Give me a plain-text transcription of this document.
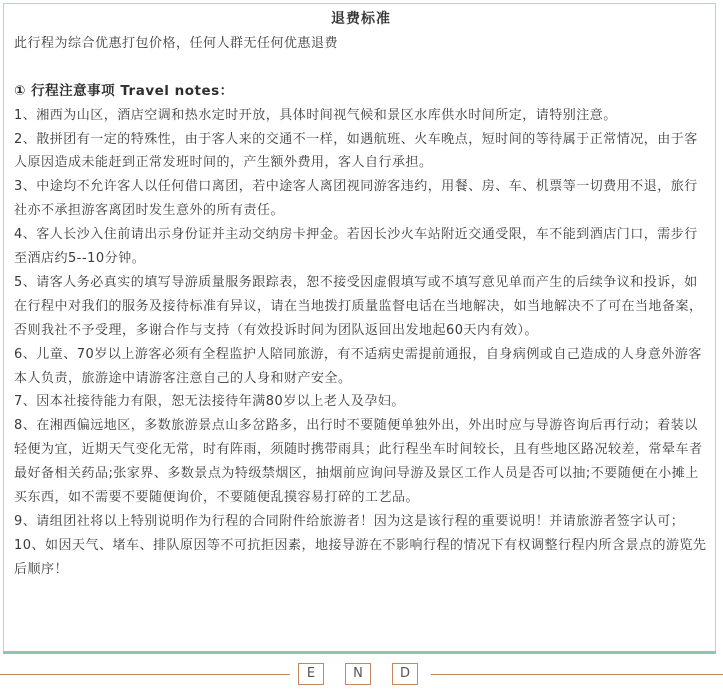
退费标准

此行程为综合优惠打包价格，任何人群无任何优惠退费

① 行程注意事项 Travel notes：

1、湘西为山区，酒店空调和热水定时开放，具体时间视气候和景区水库供水时间所定，请特别注意。

2、散拼团有一定的特殊性，由于客人来的交通不一样，如遇航班、火车晚点，短时间的等待属于正常情况，由于客人原因造成未能赶到正常发班时间的，产生额外费用，客人自行承担。

3、中途均不允许客人以任何借口离团，若中途客人离团视同游客违约，用餐、房、车、机票等一切费用不退，旅行社亦不承担游客离团时发生意外的所有责任。

4、客人长沙入住前请出示身份证并主动交纳房卡押金。若因长沙火车站附近交通受限，车不能到酒店门口，需步行至酒店约5--10分钟。

5、请客人务必真实的填写导游质量服务跟踪表，恕不接受因虚假填写或不填写意见单而产生的后续争议和投诉，如在行程中对我们的服务及接待标准有异议，请在当地拨打质量监督电话在当地解决，如当地解决不了可在当地备案，否则我社不予受理，多谢合作与支持（有效投诉时间为团队返回出发地起60天内有效）。

6、儿童、70岁以上游客必须有全程监护人陪同旅游，有不适病史需提前通报，自身病例或自己造成的人身意外游客本人负责，旅游途中请游客注意自己的人身和财产安全。

7、因本社接待能力有限，恕无法接待年满80岁以上老人及孕妇。

8、在湘西偏远地区，多数旅游景点山多岔路多，出行时不要随便单独外出，外出时应与导游咨询后再行动；着装以轻便为宜，近期天气变化无常，时有阵雨，须随时携带雨具；此行程坐车时间较长，且有些地区路况较差，常晕车者最好备相关药品;张家界、多数景点为特级禁烟区，抽烟前应询问导游及景区工作人员是否可以抽;不要随便在小摊上买东西，如不需要不要随便询价，不要随便乱摸容易打碎的工艺品。

9、请组团社将以上特别说明作为行程的合同附件给旅游者！因为这是该行程的重要说明！并请旅游者签字认可；

10、如因天气、堵车、排队原因等不可抗拒因素，地接导游在不影响行程的情况下有权调整行程内所含景点的游览先后顺序！

E	N	D
